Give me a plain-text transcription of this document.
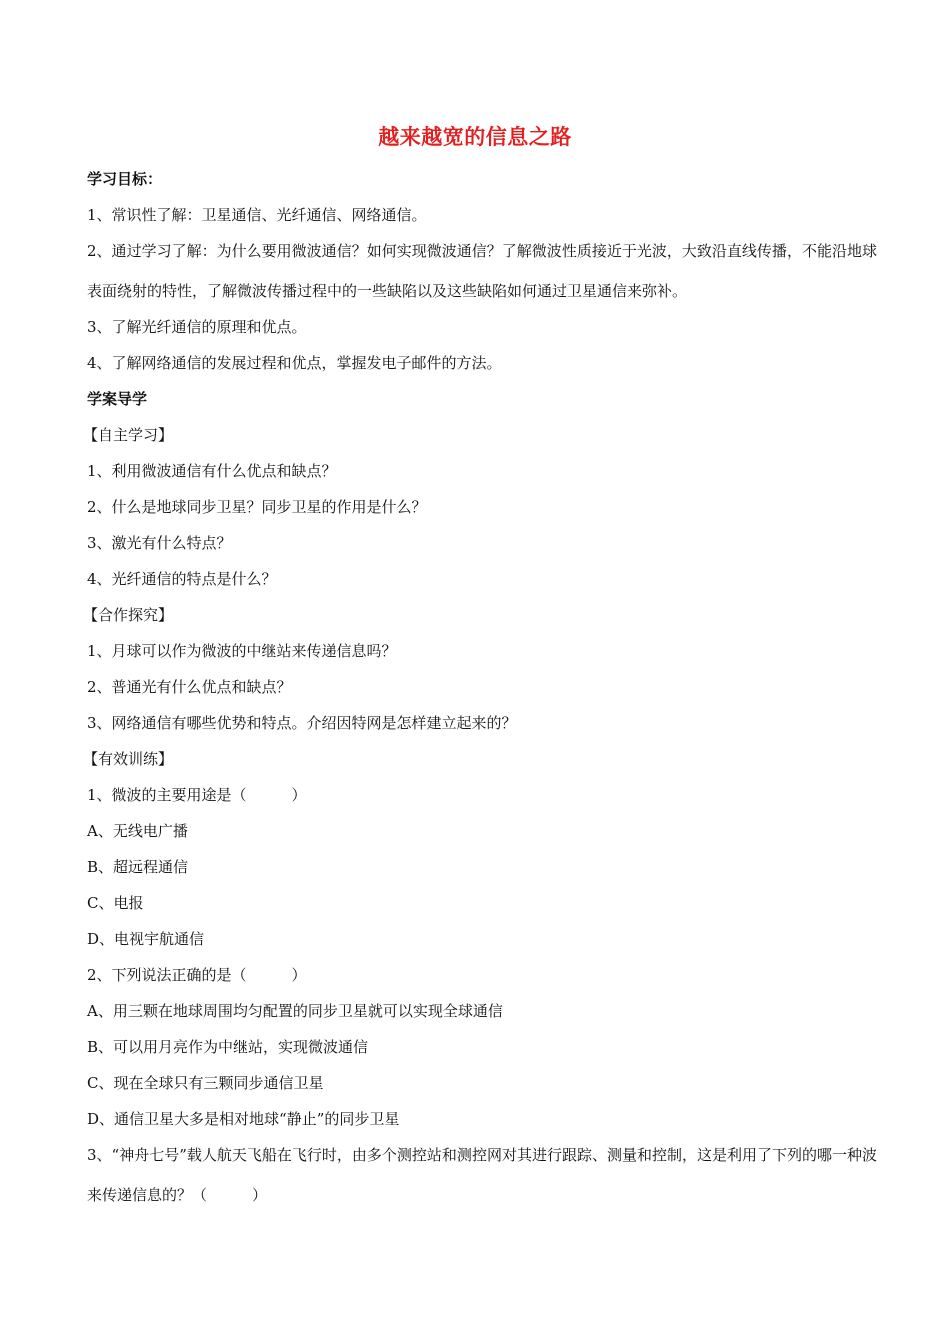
越来越宽的信息之路
学习目标：
1、常识性了解：卫星通信、光纤通信、网络通信。
2、通过学习了解：为什么要用微波通信？如何实现微波通信？了解微波性质接近于光波，大致沿直线传播，不能沿地球表面绕射的特性，了解微波传播过程中的一些缺陷以及这些缺陷如何通过卫星通信来弥补。
3、了解光纤通信的原理和优点。
4、了解网络通信的发展过程和优点，掌握发电子邮件的方法。
学案导学
【自主学习】
1、利用微波通信有什么优点和缺点？
2、什么是地球同步卫星？同步卫星的作用是什么？
3、激光有什么特点？
4、光纤通信的特点是什么？
【合作探究】
1、月球可以作为微波的中继站来传递信息吗？
2、普通光有什么优点和缺点？
3、网络通信有哪些优势和特点。介绍因特网是怎样建立起来的？
【有效训练】
1、微波的主要用途是（　　　）
A、无线电广播
B、超远程通信
C、电报
D、电视宇航通信
2、下列说法正确的是（　　　）
A、用三颗在地球周围均匀配置的同步卫星就可以实现全球通信
B、可以用月亮作为中继站，实现微波通信
C、现在全球只有三颗同步通信卫星
D、通信卫星大多是相对地球“静止”的同步卫星
3、“神舟七号”载人航天飞船在飞行时，由多个测控站和测控网对其进行跟踪、测量和控制，这是利用了下列的哪一种波来传递信息的？（　　　）
